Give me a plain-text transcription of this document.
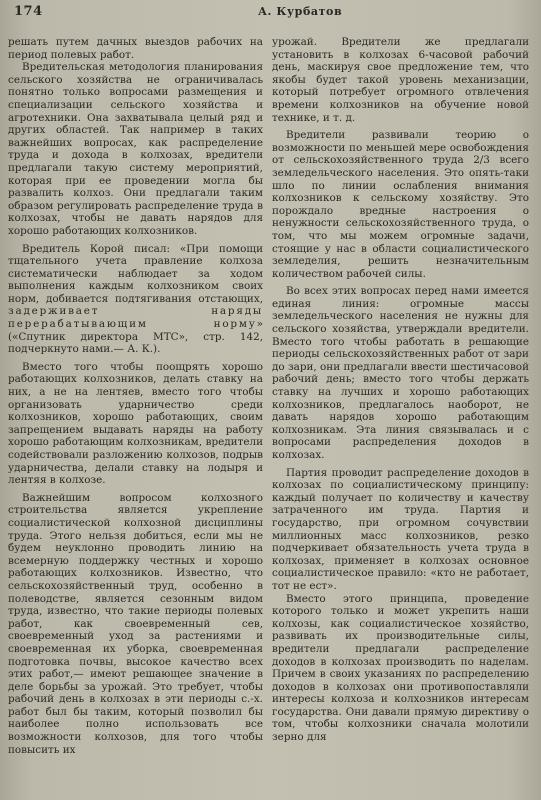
174	А. Курбатов

решать путем дачных выездов рабочих на период полевых работ.

Вредительская методология планирования сельского хозяйства не ограничивалась понятно только вопросами размещения и специализации сельского хозяйства и агротехники. Она захватывала целый ряд и других областей. Так например в таких важнейших вопросах, как распределение труда и дохода в колхозах, вредители предлагали такую систему мероприятий, которая при ее проведении могла бы развалить колхоз. Они предлагали таким образом регулировать распределение труда в колхозах, чтобы не давать нарядов для хорошо работающих колхозников.

Вредитель Корой писал: «При помощи тщательного учета правление колхоза систематически наблюдает за ходом выполнения каждым колхозником своих норм, добивается подтягивания отстающих, задерживает наряды перерабатывающим норму» («Спутник директора МТС», стр. 142, подчеркнуто нами.— А. К.).

Вместо того чтобы поощрять хорошо работающих колхозников, делать ставку на них, а не на лентяев, вместо того чтобы организовать ударничество среди колхозников, хорошо работающих, своим запрещением выдавать наряды на работу хорошо работающим колхозникам, вредители содействовали разложению колхозов, подрыв ударничества, делали ставку на лодыря и лентяя в колхозе.

Важнейшим вопросом колхозного строительства является укрепление социалистической колхозной дисциплины труда. Этого нельзя добиться, если мы не будем неуклонно проводить линию на всемерную поддержку честных и хорошо работающих колхозников. Известно, что сельскохозяйственный труд, особенно в полеводстве, является сезонным видом труда, известно, что такие периоды полевых работ, как своевременный сев, своевременный уход за растениями и своевременная их уборка, своевременная подготовка почвы, высокое качество всех этих работ,— имеют решающее значение в деле борьбы за урожай. Это требует, чтобы рабочий день в колхозах в эти периоды с.-х. работ был бы таким, который позволил бы наиболее полно использовать все возможности колхозов, для того чтобы повысить их

урожай. Вредители же предлагали установить в колхозах 6-часовой рабочий день, маскируя свое предложение тем, что якобы будет такой уровень механизации, который потребует огромного отвлечения времени колхозников на обучение новой технике, и т. д.

Вредители развивали теорию о возможности по меньшей мере освобождения от сельскохозяйственного труда 2/3 всего земледельческого населения. Это опять-таки шло по линии ослабления внимания колхозников к сельскому хозяйству. Это порождало вредные настроения о ненужности сельскохозяйственного труда, о том, что мы можем огромные задачи, стоящие у нас в области социалистического земледелия, решить незначительным количеством рабочей силы.

Во всех этих вопросах перед нами имеется единая линия: огромные массы земледельческого населения не нужны для сельского хозяйства, утверждали вредители. Вместо того чтобы работать в решающие периоды сельскохозяйственных работ от зари до зари, они предлагали ввести шестичасовой рабочий день; вместо того чтобы держать ставку на лучших и хорошо работающих колхозников, предлагалось наоборот, не давать нарядов хорошо работающим колхозникам. Эта линия связывалась и с вопросами распределения доходов в колхозах.

Партия проводит распределение доходов в колхозах по социалистическому принципу: каждый получает по количеству и качеству затраченного им труда. Партия и государство, при огромном сочувствии миллионных масс колхозников, резко подчеркивает обязательность учета труда в колхозах, применяет в колхозах основное социалистическое правило: «кто не работает, тот не ест».

Вместо этого принципа, проведение которого только и может укрепить наши колхозы, как социалистическое хозяйство, развивать их производительные силы, вредители предлагали распределение доходов в колхозах производить по наделам. Причем в своих указаниях по распределению доходов в колхозах они противопоставляли интересы колхоза и колхозников интересам государства. Они давали прямую директиву о том, чтобы колхозники сначала молотили зерно для
